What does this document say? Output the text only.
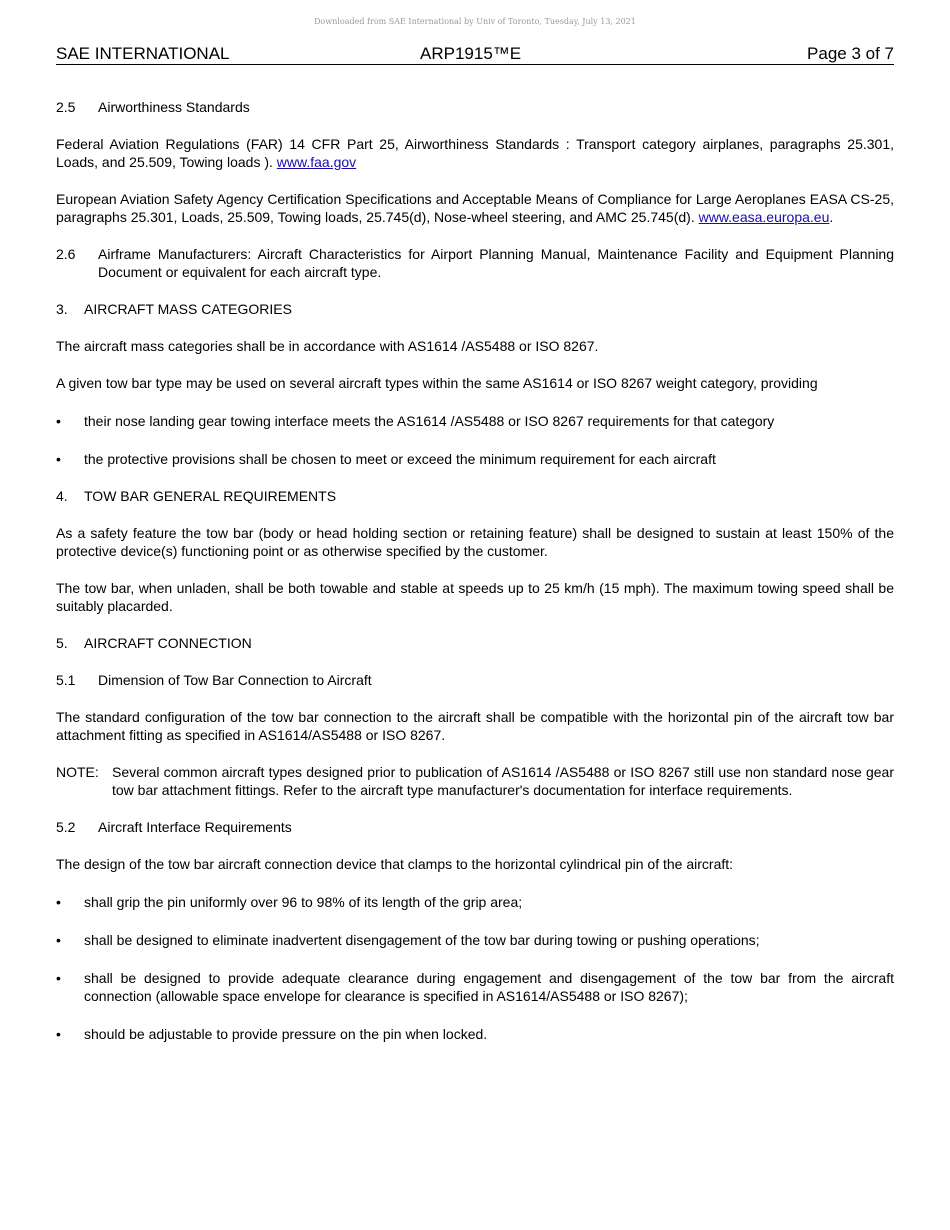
Downloaded from SAE International by Univ of Toronto, Tuesday, July 13, 2021
SAE INTERNATIONAL	ARP1915™E	Page 3 of 7
2.5 Airworthiness Standards

Federal Aviation Regulations (FAR) 14 CFR Part 25, Airworthiness Standards : Transport category airplanes, paragraphs 25.301, Loads, and 25.509, Towing loads ). www.faa.gov

European Aviation Safety Agency Certification Specifications and Acceptable Means of Compliance for Large Aeroplanes EASA CS-25, paragraphs 25.301, Loads, 25.509, Towing loads, 25.745(d), Nose-wheel steering, and AMC 25.745(d). www.easa.europa.eu.

2.6 Airframe Manufacturers: Aircraft Characteristics for Airport Planning Manual, Maintenance Facility and Equipment Planning Document or equivalent for each aircraft type.
3. AIRCRAFT MASS CATEGORIES

The aircraft mass categories shall be in accordance with AS1614 /AS5488 or ISO 8267.

A given tow bar type may be used on several aircraft types within the same AS1614 or ISO 8267 weight category, providing

• their nose landing gear towing interface meets the AS1614 /AS5488 or ISO 8267 requirements for that category
• the protective provisions shall be chosen to meet or exceed the minimum requirement for each aircraft
4. TOW BAR GENERAL REQUIREMENTS

As a safety feature the tow bar (body or head holding section or retaining feature) shall be designed to sustain at least 150% of the protective device(s) functioning point or as otherwise specified by the customer.

The tow bar, when unladen, shall be both towable and stable at speeds up to 25 km/h (15 mph). The maximum towing speed shall be suitably placarded.

5. AIRCRAFT CONNECTION
5.1 Dimension of Tow Bar Connection to Aircraft

The standard configuration of the tow bar connection to the aircraft shall be compatible with the horizontal pin of the aircraft tow bar attachment fitting as specified in AS1614/AS5488 or ISO 8267.

NOTE: Several common aircraft types designed prior to publication of AS1614 /AS5488 or ISO 8267 still use non standard nose gear tow bar attachment fittings. Refer to the aircraft type manufacturer's documentation for interface requirements.
5.2 Aircraft Interface Requirements

The design of the tow bar aircraft connection device that clamps to the horizontal cylindrical pin of the aircraft:

• shall grip the pin uniformly over 96 to 98% of its length of the grip area;
• shall be designed to eliminate inadvertent disengagement of the tow bar during towing or pushing operations;
• shall be designed to provide adequate clearance during engagement and disengagement of the tow bar from the aircraft connection (allowable space envelope for clearance is specified in AS1614/AS5488 or ISO 8267);
• should be adjustable to provide pressure on the pin when locked.
